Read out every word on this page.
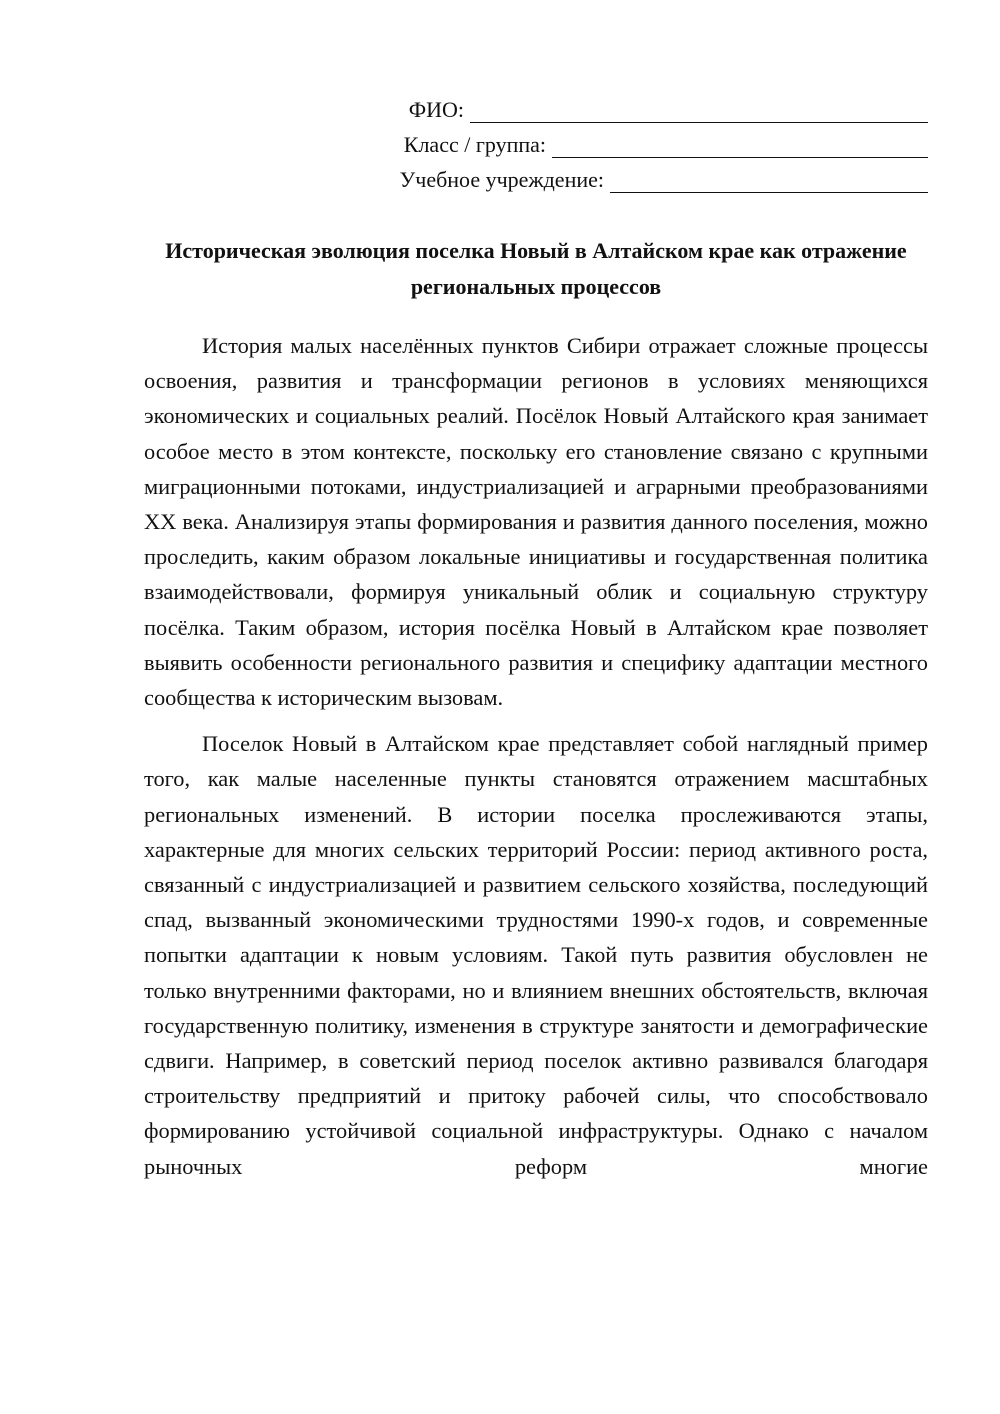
ФИО:
Класс / группа:
Учебное учреждение:
Историческая эволюция поселка Новый в Алтайском крае как отражение региональных процессов

История малых населённых пунктов Сибири отражает сложные процессы освоения, развития и трансформации регионов в условиях меняющихся экономических и социальных реалий. Посёлок Новый Алтайского края занимает особое место в этом контексте, поскольку его становление связано с крупными миграционными потоками, индустриализацией и аграрными преобразованиями XX века. Анализируя этапы формирования и развития данного поселения, можно проследить, каким образом локальные инициативы и государственная политика взаимодействовали, формируя уникальный облик и социальную структуру посёлка. Таким образом, история посёлка Новый в Алтайском крае позволяет выявить особенности регионального развития и специфику адаптации местного сообщества к историческим вызовам.

Поселок Новый в Алтайском крае представляет собой наглядный пример того, как малые населенные пункты становятся отражением масштабных региональных изменений. В истории поселка прослеживаются этапы, характерные для многих сельских территорий России: период активного роста, связанный с индустриализацией и развитием сельского хозяйства, последующий спад, вызванный экономическими трудностями 1990-х годов, и современные попытки адаптации к новым условиям. Такой путь развития обусловлен не только внутренними факторами, но и влиянием внешних обстоятельств, включая государственную политику, изменения в структуре занятости и демографические сдвиги. Например, в советский период поселок активно развивался благодаря строительству предприятий и притоку рабочей силы, что способствовало формированию устойчивой социальной инфраструктуры. Однако с началом рыночных реформ многие
